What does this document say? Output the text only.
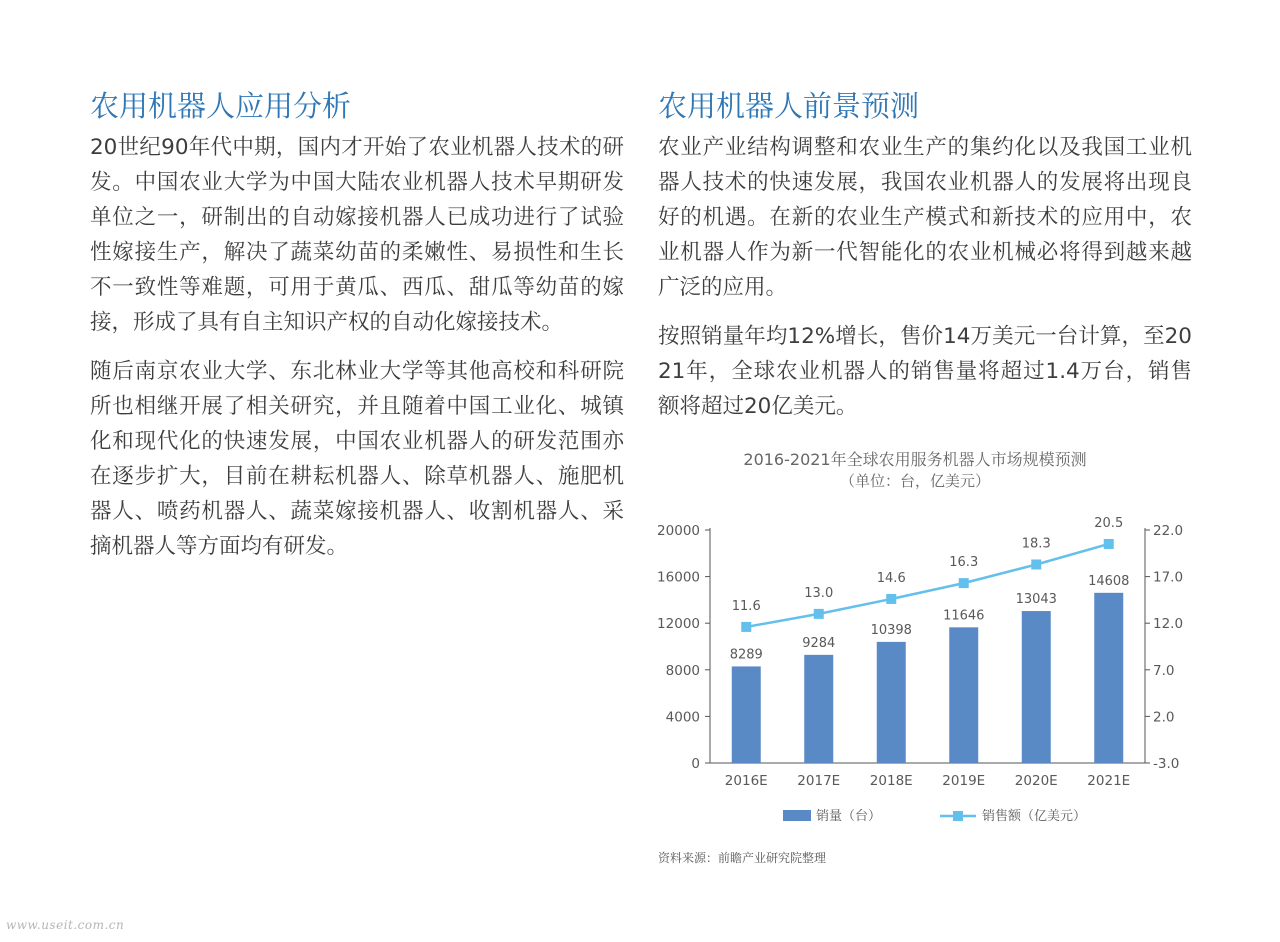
农用机器人应用分析

20世纪90年代中期，国内才开始了农业机器人技术的研发。中国农业大学为中国大陆农业机器人技术早期研发单位之一，研制出的自动嫁接机器人已成功进行了试验性嫁接生产，解决了蔬菜幼苗的柔嫩性、易损性和生长不一致性等难题，可用于黄瓜、西瓜、甜瓜等幼苗的嫁接，形成了具有自主知识产权的自动化嫁接技术。

随后南京农业大学、东北林业大学等其他高校和科研院所也相继开展了相关研究，并且随着中国工业化、城镇化和现代化的快速发展，中国农业机器人的研发范围亦在逐步扩大，目前在耕耘机器人、除草机器人、施肥机器人、喷药机器人、蔬菜嫁接机器人、收割机器人、采摘机器人等方面均有研发。

农用机器人前景预测

农业产业结构调整和农业生产的集约化以及我国工业机器人技术的快速发展，我国农业机器人的发展将出现良好的机遇。在新的农业生产模式和新技术的应用中，农业机器人作为新一代智能化的农业机械必将得到越来越广泛的应用。

按照销量年均12%增长，售价14万美元一台计算，至2021年，全球农业机器人的销售量将超过1.4万台，销售额将超过20亿美元。

2016-2021年全球农用服务机器人市场规模预测
（单位：台，亿美元）
0
4000
8000
12000
16000
20000
-3.0
2.0
7.0
12.0
17.0
22.0
8289
9284
10398
11646
13043
14608
2016E 2017E 2018E 2019E 2020E 2021E
11.6
13.0
14.6
16.3
18.3
20.5
销量（台）	销售额（亿美元）
资料来源：前瞻产业研究院整理
www.useit.com.cn
